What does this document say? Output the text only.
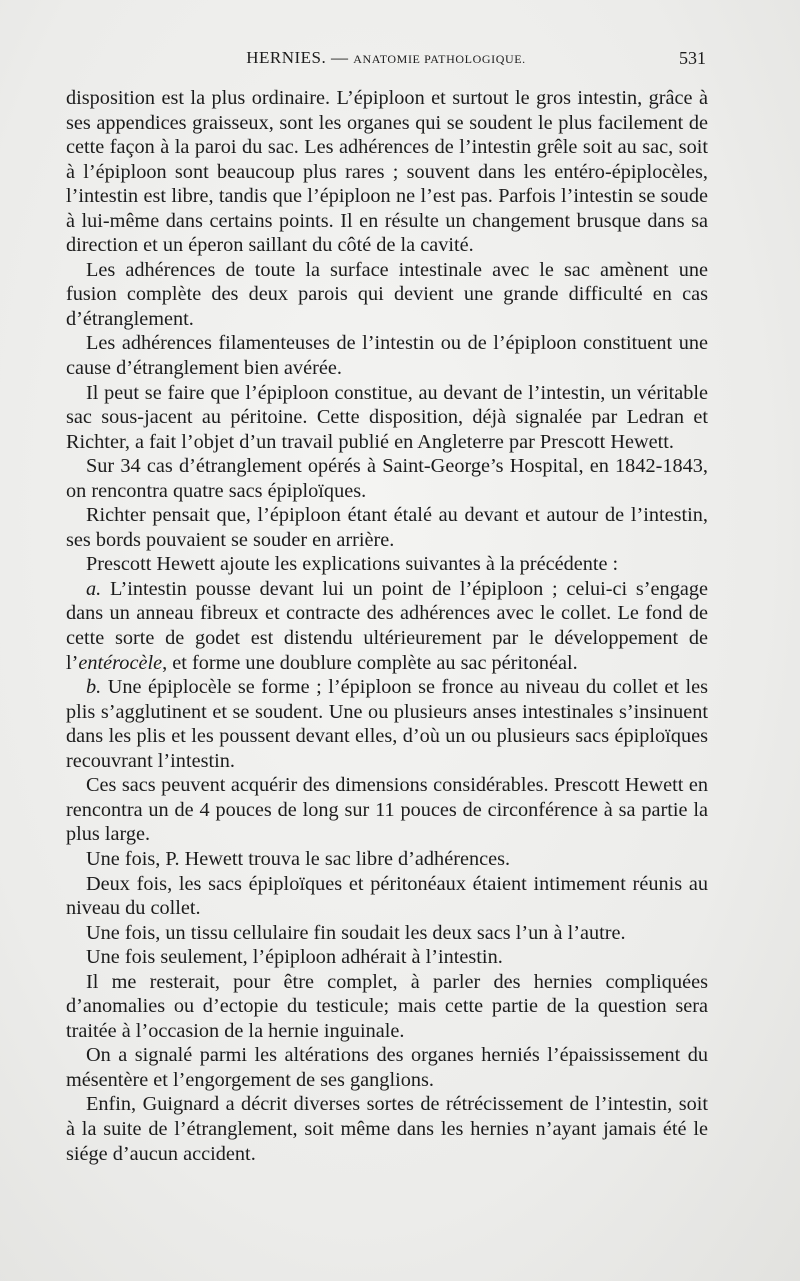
HERNIES. — ANATOMIE PATHOLOGIQUE.	531

disposition est la plus ordinaire. L’épiploon et surtout le gros intestin, grâce à ses appendices graisseux, sont les organes qui se soudent le plus facilement de cette façon à la paroi du sac. Les adhérences de l’intestin grêle soit au sac, soit à l’épiploon sont beaucoup plus rares ; souvent dans les entéro-épiplocèles, l’intestin est libre, tandis que l’épiploon ne l’est pas. Parfois l’intestin se soude à lui-même dans certains points. Il en résulte un changement brusque dans sa direction et un éperon saillant du côté de la cavité.

Les adhérences de toute la surface intestinale avec le sac amènent une fusion complète des deux parois qui devient une grande difficulté en cas d’étranglement.

Les adhérences filamenteuses de l’intestin ou de l’épiploon constituent une cause d’étranglement bien avérée.

Il peut se faire que l’épiploon constitue, au devant de l’intestin, un véritable sac sous-jacent au péritoine. Cette disposition, déjà signalée par Ledran et Richter, a fait l’objet d’un travail publié en Angleterre par Prescott Hewett.

Sur 34 cas d’étranglement opérés à Saint-George’s Hospital, en 1842-1843, on rencontra quatre sacs épiploïques.

Richter pensait que, l’épiploon étant étalé au devant et autour de l’intestin, ses bords pouvaient se souder en arrière.

Prescott Hewett ajoute les explications suivantes à la précédente :

a. L’intestin pousse devant lui un point de l’épiploon ; celui-ci s’engage dans un anneau fibreux et contracte des adhérences avec le collet. Le fond de cette sorte de godet est distendu ultérieurement par le développement de l’entérocèle, et forme une doublure complète au sac péritonéal.

b. Une épiplocèle se forme ; l’épiploon se fronce au niveau du collet et les plis s’agglutinent et se soudent. Une ou plusieurs anses intestinales s’insinuent dans les plis et les poussent devant elles, d’où un ou plusieurs sacs épiploïques recouvrant l’intestin.

Ces sacs peuvent acquérir des dimensions considérables. Prescott Hewett en rencontra un de 4 pouces de long sur 11 pouces de circonférence à sa partie la plus large.

Une fois, P. Hewett trouva le sac libre d’adhérences.

Deux fois, les sacs épiploïques et péritonéaux étaient intimement réunis au niveau du collet.

Une fois, un tissu cellulaire fin soudait les deux sacs l’un à l’autre.

Une fois seulement, l’épiploon adhérait à l’intestin.

Il me resterait, pour être complet, à parler des hernies compliquées d’anomalies ou d’ectopie du testicule; mais cette partie de la question sera traitée à l’occasion de la hernie inguinale.

On a signalé parmi les altérations des organes herniés l’épaississement du mésentère et l’engorgement de ses ganglions.

Enfin, Guignard a décrit diverses sortes de rétrécissement de l’intestin, soit à la suite de l’étranglement, soit même dans les hernies n’ayant jamais été le siége d’aucun accident.
